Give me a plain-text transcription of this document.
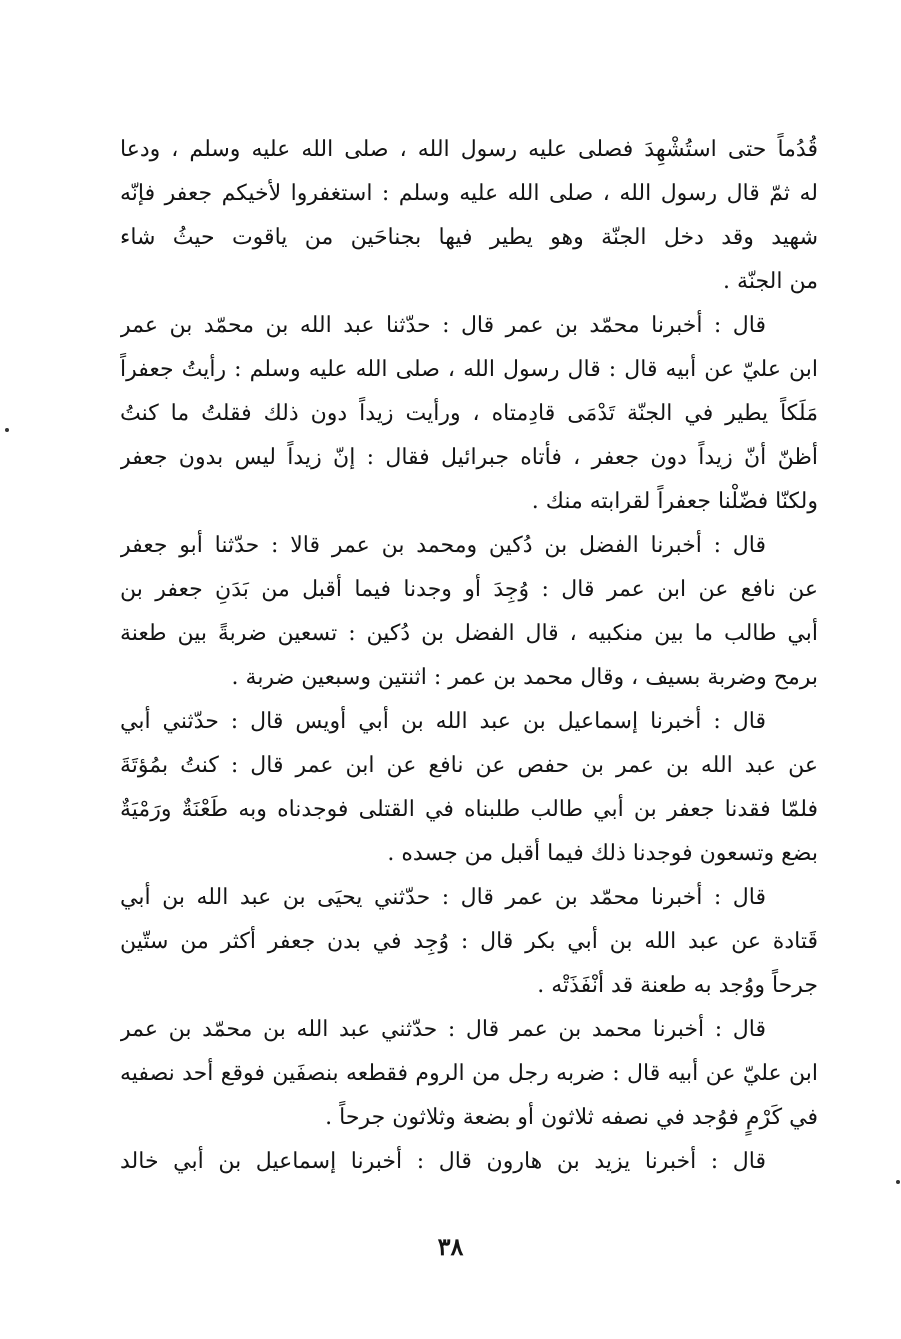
قُدُماً حتى استُشْهِدَ فصلى عليه رسول الله ، صلى الله عليه وسلم ، ودعا
له ثمّ قال رسول الله ، صلى الله عليه وسلم : استغفروا لأخيكم جعفر فإنّه
شهيد وقد دخل الجنّة وهو يطير فيها بجناحَين من ياقوت حيثُ شاء
من الجنّة .
قال : أخبرنا محمّد بن عمر قال : حدّثنا عبد الله بن محمّد بن عمر
ابن عليّ عن أبيه قال : قال رسول الله ، صلى الله عليه وسلم : رأيتُ جعفراً
مَلَكاً يطير في الجنّة تَدْمَى قادِمتاه ، ورأيت زيداً دون ذلك فقلتُ ما كنتُ
أظنّ أنّ زيداً دون جعفر ، فأتاه جبرائيل فقال : إنّ زيداً ليس بدون جعفر
ولكنّا فضّلْنا جعفراً لقرابته منك .
قال : أخبرنا الفضل بن دُكين ومحمد بن عمر قالا : حدّثنا أبو جعفر
عن نافع عن ابن عمر قال : وُجِدَ أو وجدنا فيما أقبل من بَدَنِ جعفر بن
أبي طالب ما بين منكبيه ، قال الفضل بن دُكين : تسعين ضربةً بين طعنة
برمح وضربة بسيف ، وقال محمد بن عمر : اثنتين وسبعين ضربة .
قال : أخبرنا إسماعيل بن عبد الله بن أبي أويس قال : حدّثني أبي
عن عبد الله بن عمر بن حفص عن نافع عن ابن عمر قال : كنتُ بمُؤتَةَ
فلمّا فقدنا جعفر بن أبي طالب طلبناه في القتلى فوجدناه وبه طَعْنَةٌ ورَمْيَةٌ
بضع وتسعون فوجدنا ذلك فيما أقبل من جسده .
قال : أخبرنا محمّد بن عمر قال : حدّثني يحيَى بن عبد الله بن أبي
قَتادة عن عبد الله بن أبي بكر قال : وُجِد في بدن جعفر أكثر من ستّين
جرحاً ووُجد به طعنة قد أنْفَذَتْه .
قال : أخبرنا محمد بن عمر قال : حدّثني عبد الله بن محمّد بن عمر
ابن عليّ عن أبيه قال : ضربه رجل من الروم فقطعه بنصفَين فوقع أحد نصفيه
في كَرْمٍ فوُجد في نصفه ثلاثون أو بضعة وثلاثون جرحاً .
قال : أخبرنا يزيد بن هارون قال : أخبرنا إسماعيل بن أبي خالد
٣٨
